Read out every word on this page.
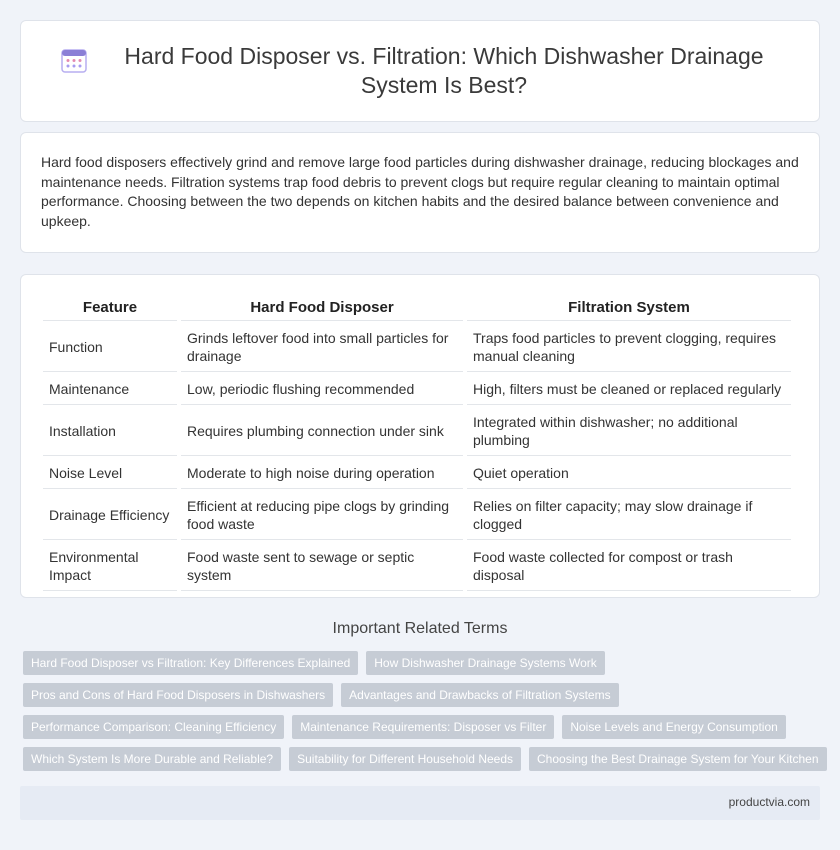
Hard Food Disposer vs. Filtration: Which Dishwasher Drainage System Is Best?

Hard food disposers effectively grind and remove large food particles during dishwasher drainage, reducing blockages and maintenance needs. Filtration systems trap food debris to prevent clogs but require regular cleaning to maintain optimal performance. Choosing between the two depends on kitchen habits and the desired balance between convenience and upkeep.

Feature	Hard Food Disposer	Filtration System
Function	Grinds leftover food into small particles for drainage	Traps food particles to prevent clogging, requires manual cleaning
Maintenance	Low, periodic flushing recommended	High, filters must be cleaned or replaced regularly
Installation	Requires plumbing connection under sink	Integrated within dishwasher; no additional plumbing
Noise Level	Moderate to high noise during operation	Quiet operation
Drainage Efficiency	Efficient at reducing pipe clogs by grinding food waste	Relies on filter capacity; may slow drainage if clogged
Environmental Impact	Food waste sent to sewage or septic system	Food waste collected for compost or trash disposal
Important Related Terms
Hard Food Disposer vs Filtration: Key Differences Explained	How Dishwasher Drainage Systems Work
Pros and Cons of Hard Food Disposers in Dishwashers	Advantages and Drawbacks of Filtration Systems
Performance Comparison: Cleaning Efficiency	Maintenance Requirements: Disposer vs Filter	Noise Levels and Energy Consumption
Which System Is More Durable and Reliable?	Suitability for Different Household Needs	Choosing the Best Drainage System for Your Kitchen
productvia.com
